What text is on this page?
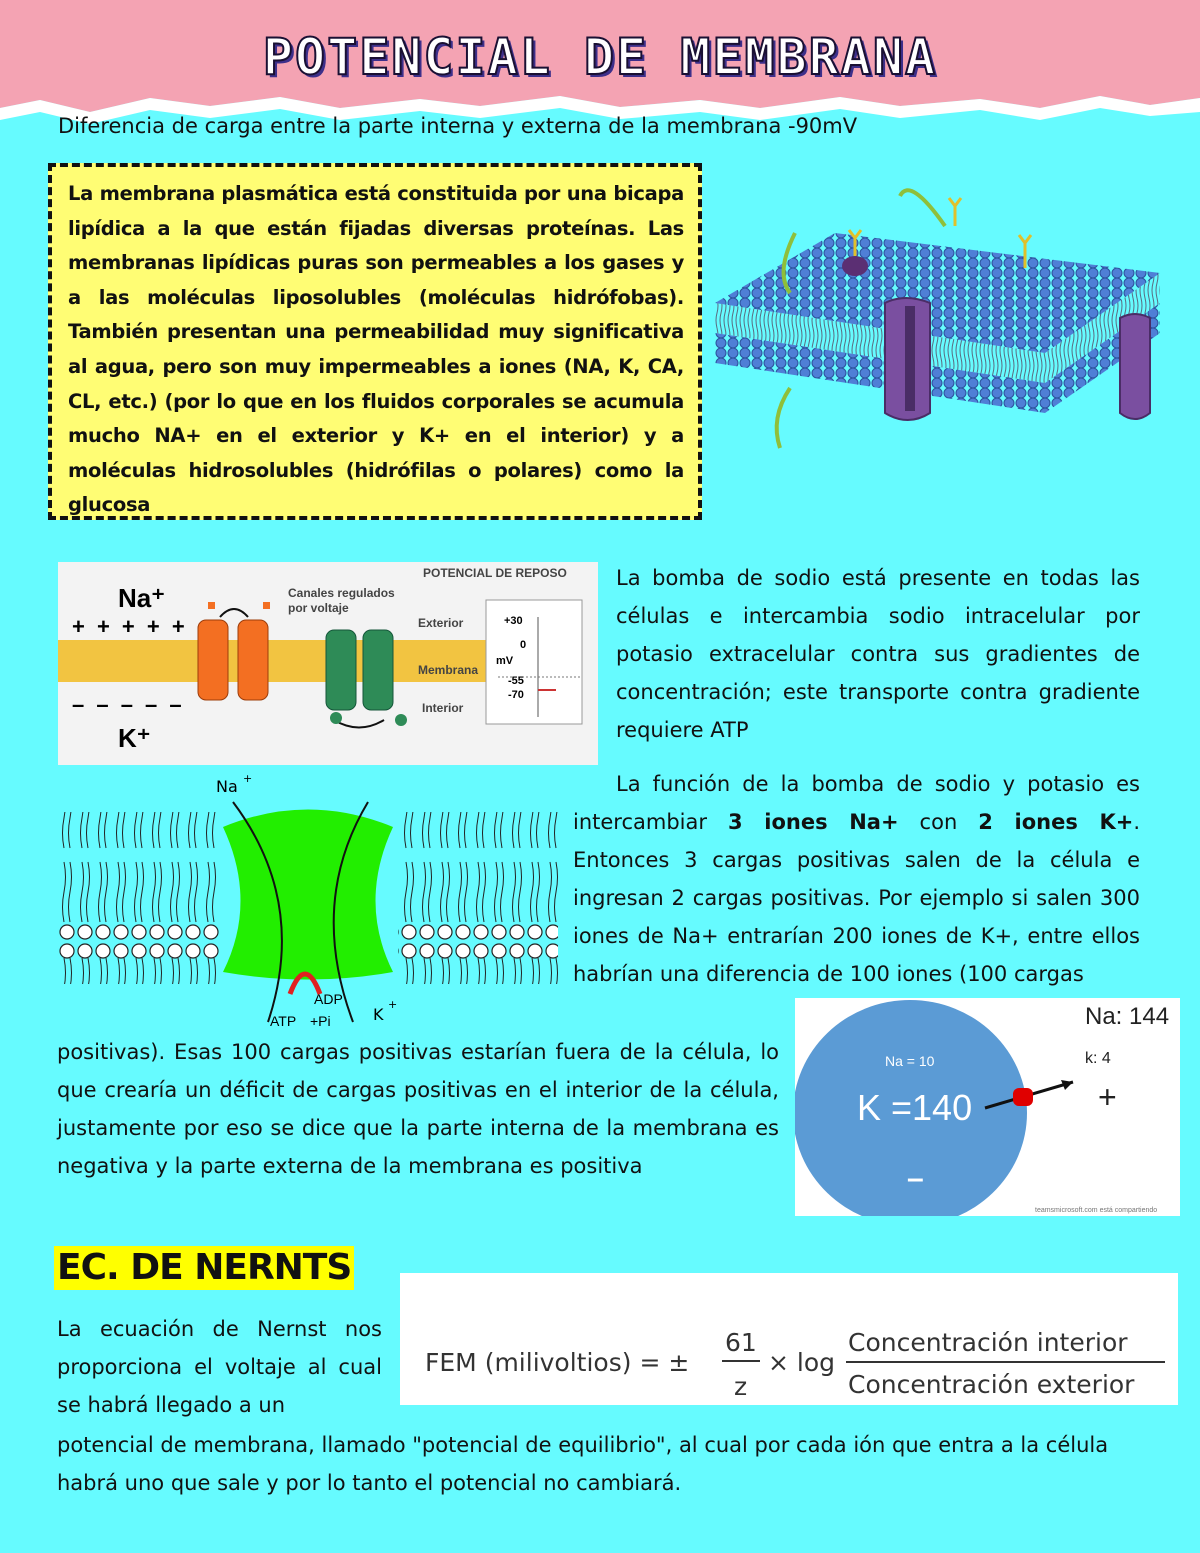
POTENCIAL DE MEMBRANA
Diferencia de carga entre la parte interna y externa de la membrana -90mV
La membrana plasmática está constituida por una bicapa lipídica a la que están fijadas diversas proteínas. Las membranas lipídicas puras son permeables a los gases y a las moléculas liposolubles (moléculas hidrófobas). También presentan una permeabilidad muy significativa al agua, pero son muy impermeables a iones (NA, K, CA, CL, etc.) (por lo que en los fluidos corporales se acumula mucho NA+ en el exterior y K+ en el interior) y a moléculas hidrosolubles (hidrófilas o polares) como la glucosa
Na⁺
+ + + + +
– – – – –
K⁺
Canales regulados
por voltaje
POTENCIAL DE REPOSO
Exterior
Membrana
Interior
+30
0
mV
-55
-70
Na +
K
+
ADP
+Pi
ATP
La bomba de sodio está presente en todas las células e intercambia sodio intracelular por potasio extracelular contra sus gradientes de concentración; este transporte contra gradiente requiere ATP
La función de la bomba de sodio y potasio es intercambiar 3 iones Na+ con 2 iones K+. Entonces 3 cargas positivas salen de la célula e ingresan 2 cargas positivas. Por ejemplo si salen 300 iones de Na+ entrarían 200 iones de K+, entre ellos habrían una diferencia de 100 iones (100 cargas
positivas). Esas 100 cargas positivas estarían fuera de la célula, lo que crearía un déficit de cargas positivas en el interior de la célula, justamente por eso se dice que la parte interna de la membrana es negativa y la parte externa de la membrana es positiva
Na: 144
k: 4
+
Na = 10
K =140
–
teamsmicrosoft.com está compartiendo
EC. DE NERNTS
La ecuación de Nernst nos proporciona el voltaje al cual se habrá llegado a un
potencial de membrana, llamado "potencial de equilibrio", al cual por cada ión que entra a la célula habrá uno que sale y por lo tanto el potencial no cambiará.
FEM (milivoltios) = ±
61
z
× log
Concentración interior
Concentración exterior
